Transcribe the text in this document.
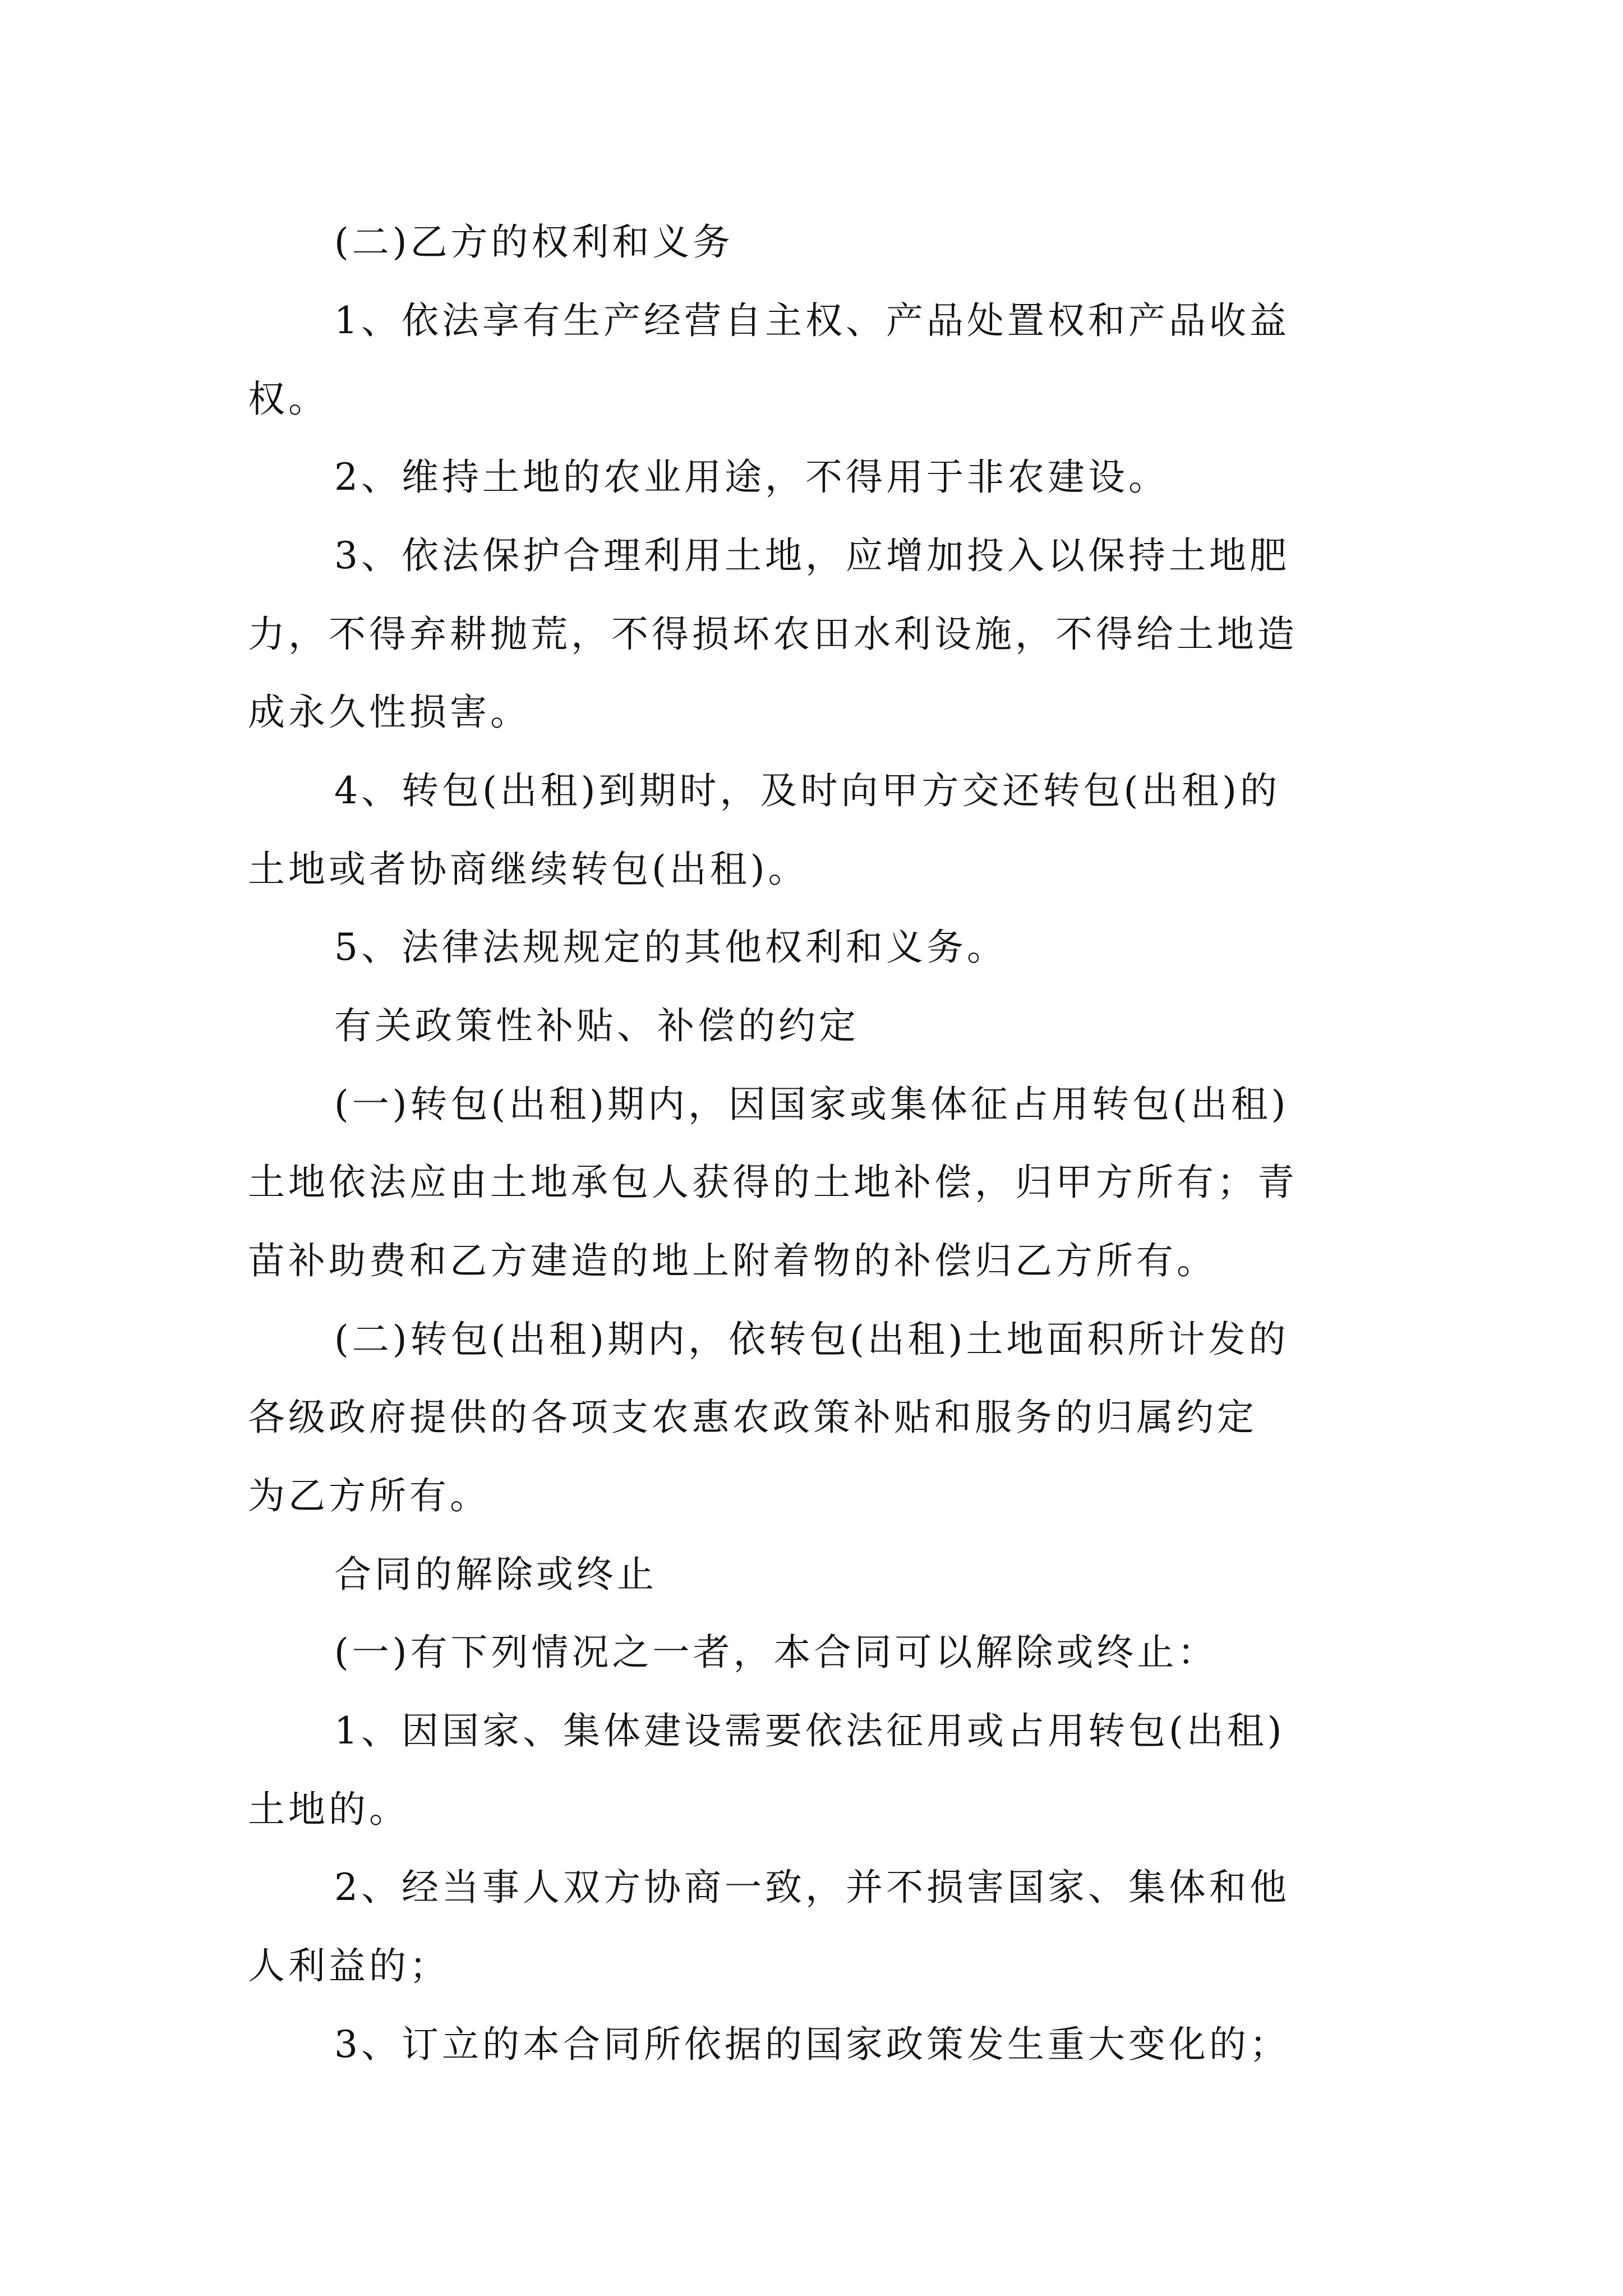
(二)乙方的权利和义务
1、依法享有生产经营自主权、产品处置权和产品收益
权。
2、维持土地的农业用途，不得用于非农建设。
3、依法保护合理利用土地，应增加投入以保持土地肥
力，不得弃耕抛荒，不得损坏农田水利设施，不得给土地造
成永久性损害。
4、转包(出租)到期时，及时向甲方交还转包(出租)的
土地或者协商继续转包(出租)。
5、法律法规规定的其他权利和义务。
有关政策性补贴、补偿的约定
(一)转包(出租)期内，因国家或集体征占用转包(出租)
土地依法应由土地承包人获得的土地补偿，归甲方所有；青
苗补助费和乙方建造的地上附着物的补偿归乙方所有。
(二)转包(出租)期内，依转包(出租)土地面积所计发的
各级政府提供的各项支农惠农政策补贴和服务的归属约定
为乙方所有。
合同的解除或终止
(一)有下列情况之一者，本合同可以解除或终止：
1、因国家、集体建设需要依法征用或占用转包(出租)
土地的。
2、经当事人双方协商一致，并不损害国家、集体和他
人利益的；
3、订立的本合同所依据的国家政策发生重大变化的；
